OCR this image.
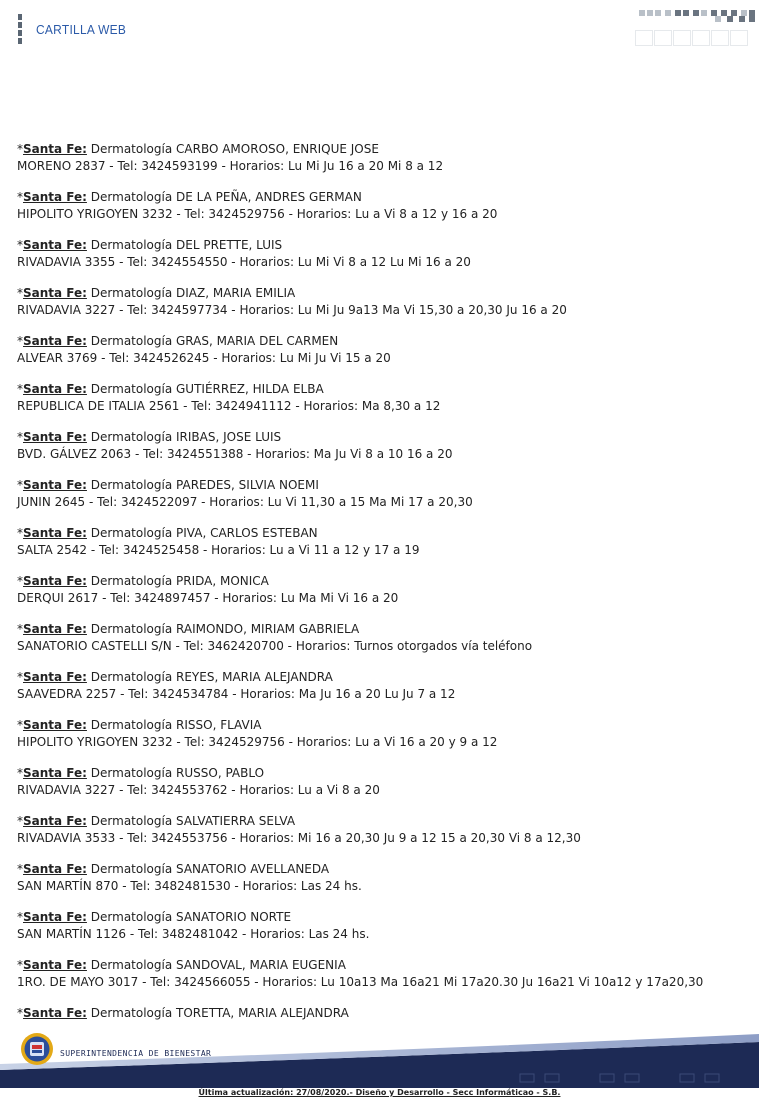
CARTILLA WEB
*Santa Fe: Dermatología CARBO AMOROSO, ENRIQUE JOSE
MORENO 2837 - Tel: 3424593199 - Horarios: Lu Mi Ju 16 a 20 Mi 8 a 12
*Santa Fe: Dermatología DE LA PEÑA, ANDRES GERMAN
HIPOLITO YRIGOYEN 3232 - Tel: 3424529756 - Horarios: Lu a Vi 8 a 12 y 16 a 20
*Santa Fe: Dermatología DEL PRETTE, LUIS
RIVADAVIA 3355 - Tel: 3424554550 - Horarios: Lu Mi Vi 8 a 12 Lu Mi 16 a 20
*Santa Fe: Dermatología DIAZ, MARIA EMILIA
RIVADAVIA 3227 - Tel: 3424597734 - Horarios: Lu Mi Ju 9a13 Ma Vi 15,30 a 20,30 Ju 16 a 20
*Santa Fe: Dermatología GRAS, MARIA DEL CARMEN
ALVEAR 3769 - Tel: 3424526245 - Horarios: Lu Mi Ju Vi 15 a 20
*Santa Fe: Dermatología GUTIÉRREZ, HILDA ELBA
REPUBLICA DE ITALIA 2561 - Tel: 3424941112 - Horarios: Ma 8,30 a 12
*Santa Fe: Dermatología IRIBAS, JOSE LUIS
BVD. GÁLVEZ 2063 - Tel: 3424551388 - Horarios: Ma Ju Vi 8 a 10 16 a 20
*Santa Fe: Dermatología PAREDES, SILVIA NOEMI
JUNIN 2645 - Tel: 3424522097 - Horarios: Lu Vi 11,30 a 15 Ma Mi 17 a 20,30
*Santa Fe: Dermatología PIVA, CARLOS ESTEBAN
SALTA 2542 - Tel: 3424525458 - Horarios: Lu a Vi 11 a 12 y 17 a 19
*Santa Fe: Dermatología PRIDA, MONICA
DERQUI 2617 - Tel: 3424897457 - Horarios: Lu Ma Mi Vi 16 a 20
*Santa Fe: Dermatología RAIMONDO, MIRIAM GABRIELA
SANATORIO CASTELLI S/N - Tel: 3462420700 - Horarios: Turnos otorgados vía teléfono
*Santa Fe: Dermatología REYES, MARIA ALEJANDRA
SAAVEDRA 2257 - Tel: 3424534784 - Horarios: Ma Ju 16 a 20 Lu Ju 7 a 12
*Santa Fe: Dermatología RISSO, FLAVIA
HIPOLITO YRIGOYEN 3232 - Tel: 3424529756 - Horarios: Lu a Vi 16 a 20 y 9 a 12
*Santa Fe: Dermatología RUSSO, PABLO
RIVADAVIA 3227 - Tel: 3424553762 - Horarios: Lu a Vi 8 a 20
*Santa Fe: Dermatología SALVATIERRA SELVA
RIVADAVIA 3533 - Tel: 3424553756 - Horarios: Mi 16 a 20,30 Ju 9 a 12 15 a 20,30 Vi 8 a 12,30
*Santa Fe: Dermatología SANATORIO AVELLANEDA
SAN MARTÍN 870 - Tel: 3482481530 - Horarios: Las 24 hs.
*Santa Fe: Dermatología SANATORIO NORTE
SAN MARTÍN 1126 - Tel: 3482481042 - Horarios: Las 24 hs.
*Santa Fe: Dermatología SANDOVAL, MARIA EUGENIA
1RO. DE MAYO 3017 - Tel: 3424566055 - Horarios: Lu 10a13 Ma 16a21 Mi 17a20.30 Ju 16a21 Vi 10a12 y 17a20,30
*Santa Fe: Dermatología TORETTA, MARIA ALEJANDRA
SUPERINTENDENCIA DE BIENESTAR
Última actualización: 27/08/2020.- Diseño y Desarrollo - Secc Informáticao - S.B.
